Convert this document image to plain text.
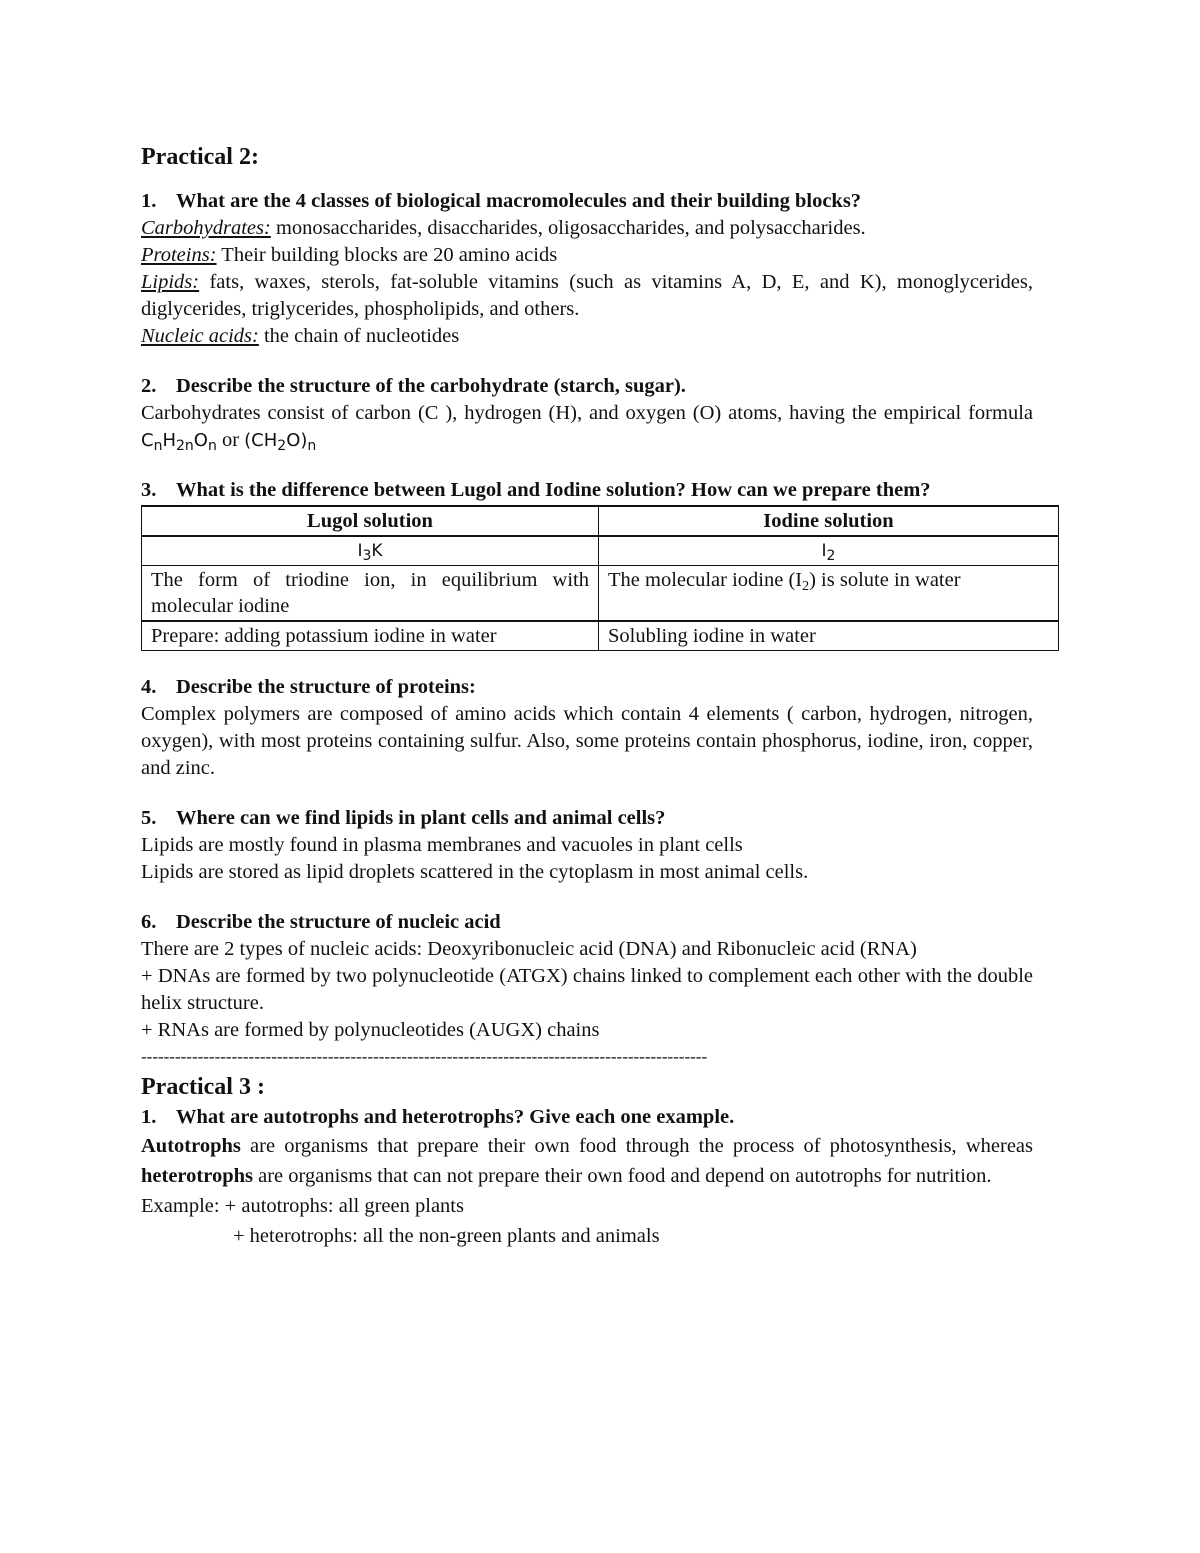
Practical 2:

1. What are the 4 classes of biological macromolecules and their building blocks?

Carbohydrates: monosaccharides, disaccharides, oligosaccharides, and polysaccharides.

Proteins: Their building blocks are 20 amino acids

Lipids: fats, waxes, sterols, fat-soluble vitamins (such as vitamins A, D, E, and K), monoglycerides, diglycerides, triglycerides, phospholipids, and others.

Nucleic acids: the chain of nucleotides

2. Describe the structure of the carbohydrate (starch, sugar).

Carbohydrates consist of carbon (C ), hydrogen (H), and oxygen (O) atoms, having the empirical formula $C_nH_{2n}O_n$ or $(CH_2O)_n$

3. What is the difference between Lugol and Iodine solution? How can we prepare them?

Lugol solution	Iodine solution
$I_3K$	$I_2$
The form of triodine ion, in equilibrium with molecular iodine	The molecular iodine $(I_2)$ is solute in water
Prepare: adding potassium iodine in water	Solubling iodine in water

4. Describe the structure of proteins:

Complex polymers are composed of amino acids which contain 4 elements ( carbon, hydrogen, nitrogen, oxygen), with most proteins containing sulfur. Also, some proteins contain phosphorus, iodine, iron, copper, and zinc.

5. Where can we find lipids in plant cells and animal cells?

Lipids are mostly found in plasma membranes and vacuoles in plant cells

Lipids are stored as lipid droplets scattered in the cytoplasm in most animal cells.

6. Describe the structure of nucleic acid

There are 2 types of nucleic acids: Deoxyribonucleic acid (DNA) and Ribonucleic acid (RNA)

+ DNAs are formed by two polynucleotide (ATGX) chains linked to complement each other with the double helix structure.

+ RNAs are formed by polynucleotides (AUGX) chains

----------------------------------------------------------------------------------------------------
Practical 3 :

1. What are autotrophs and heterotrophs? Give each one example.

Autotrophs are organisms that prepare their own food through the process of photosynthesis, whereas heterotrophs are organisms that can not prepare their own food and depend on autotrophs for nutrition.

Example: + autotrophs: all green plants

+ heterotrophs: all the non-green plants and animals
